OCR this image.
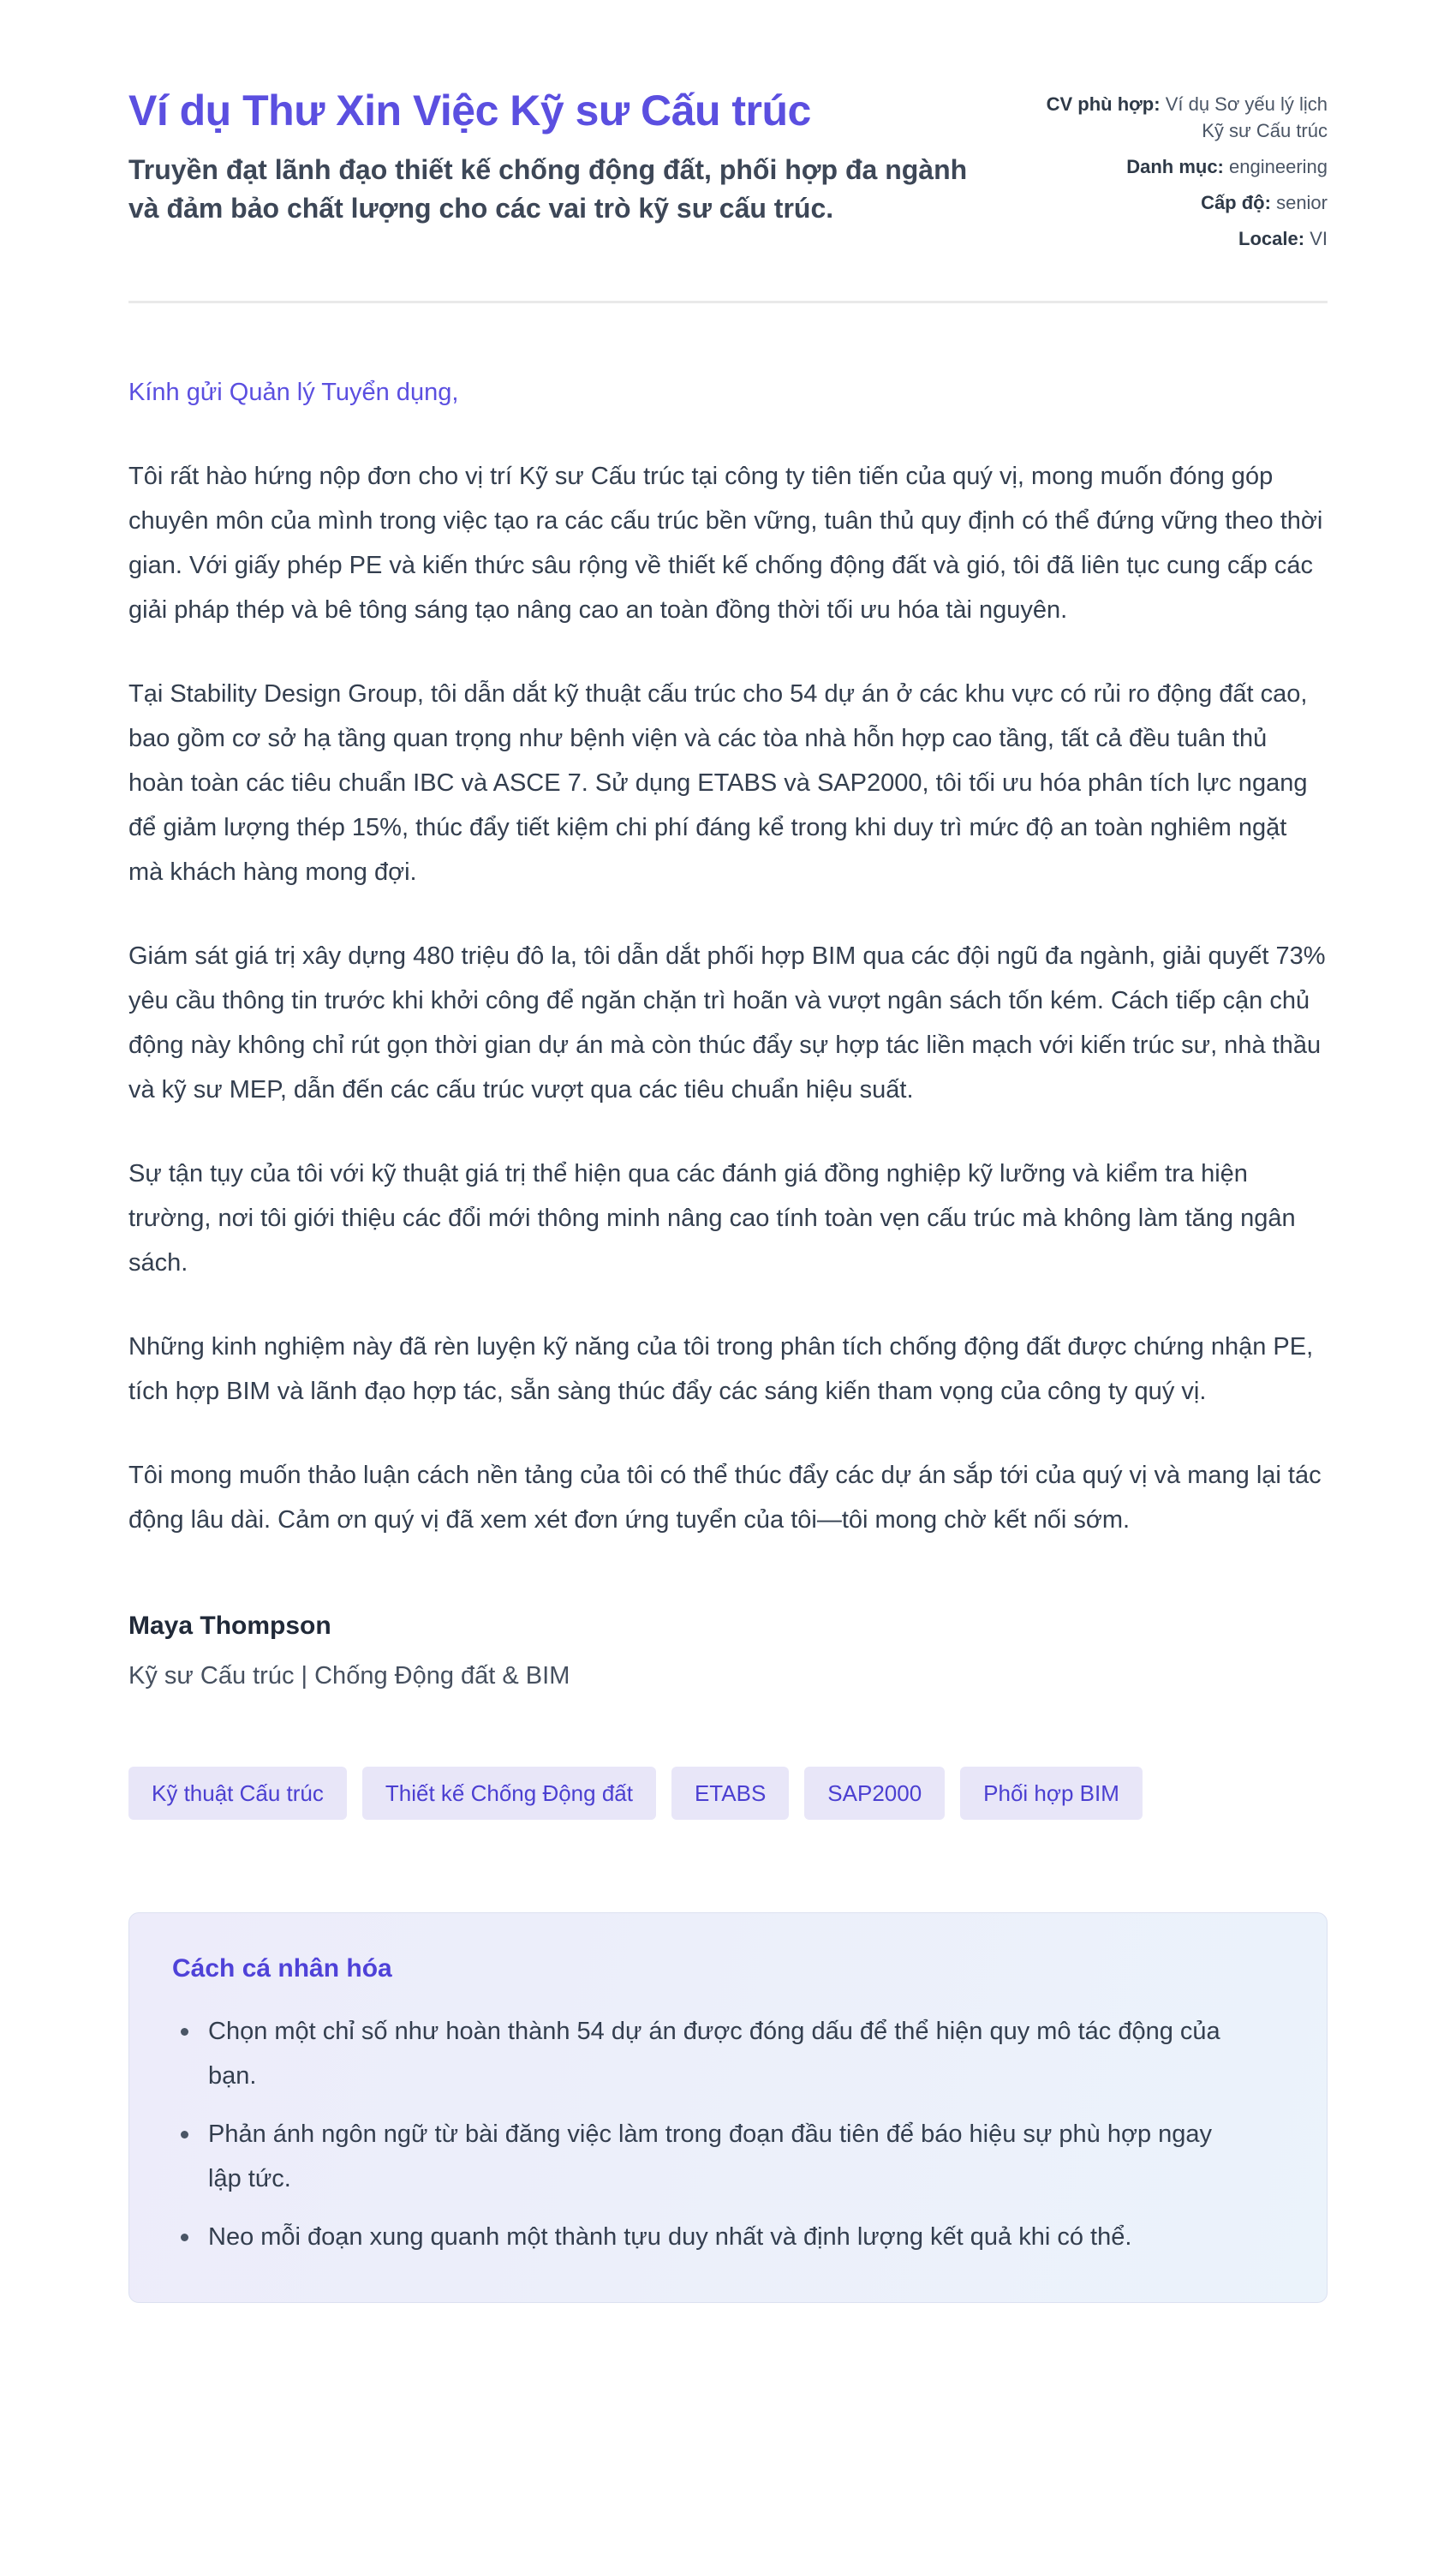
Ví dụ Thư Xin Việc Kỹ sư Cấu trúc
Truyền đạt lãnh đạo thiết kế chống động đất, phối hợp đa ngành và đảm bảo chất lượng cho các vai trò kỹ sư cấu trúc.
CV phù hợp: Ví dụ Sơ yếu lý lịch Kỹ sư Cấu trúc
Danh mục: engineering
Cấp độ: senior
Locale: VI
Kính gửi Quản lý Tuyển dụng,

Tôi rất hào hứng nộp đơn cho vị trí Kỹ sư Cấu trúc tại công ty tiên tiến của quý vị, mong muốn đóng góp chuyên môn của mình trong việc tạo ra các cấu trúc bền vững, tuân thủ quy định có thể đứng vững theo thời gian. Với giấy phép PE và kiến thức sâu rộng về thiết kế chống động đất và gió, tôi đã liên tục cung cấp các giải pháp thép và bê tông sáng tạo nâng cao an toàn đồng thời tối ưu hóa tài nguyên.

Tại Stability Design Group, tôi dẫn dắt kỹ thuật cấu trúc cho 54 dự án ở các khu vực có rủi ro động đất cao, bao gồm cơ sở hạ tầng quan trọng như bệnh viện và các tòa nhà hỗn hợp cao tầng, tất cả đều tuân thủ hoàn toàn các tiêu chuẩn IBC và ASCE 7. Sử dụng ETABS và SAP2000, tôi tối ưu hóa phân tích lực ngang để giảm lượng thép 15%, thúc đẩy tiết kiệm chi phí đáng kể trong khi duy trì mức độ an toàn nghiêm ngặt mà khách hàng mong đợi.

Giám sát giá trị xây dựng 480 triệu đô la, tôi dẫn dắt phối hợp BIM qua các đội ngũ đa ngành, giải quyết 73% yêu cầu thông tin trước khi khởi công để ngăn chặn trì hoãn và vượt ngân sách tốn kém. Cách tiếp cận chủ động này không chỉ rút gọn thời gian dự án mà còn thúc đẩy sự hợp tác liền mạch với kiến trúc sư, nhà thầu và kỹ sư MEP, dẫn đến các cấu trúc vượt qua các tiêu chuẩn hiệu suất.

Sự tận tụy của tôi với kỹ thuật giá trị thể hiện qua các đánh giá đồng nghiệp kỹ lưỡng và kiểm tra hiện trường, nơi tôi giới thiệu các đổi mới thông minh nâng cao tính toàn vẹn cấu trúc mà không làm tăng ngân sách.

Những kinh nghiệm này đã rèn luyện kỹ năng của tôi trong phân tích chống động đất được chứng nhận PE, tích hợp BIM và lãnh đạo hợp tác, sẵn sàng thúc đẩy các sáng kiến tham vọng của công ty quý vị.

Tôi mong muốn thảo luận cách nền tảng của tôi có thể thúc đẩy các dự án sắp tới của quý vị và mang lại tác động lâu dài. Cảm ơn quý vị đã xem xét đơn ứng tuyển của tôi—tôi mong chờ kết nối sớm.

Maya Thompson
Kỹ sư Cấu trúc | Chống Động đất & BIM
Kỹ thuật Cấu trúc	Thiết kế Chống Động đất	ETABS	SAP2000	Phối hợp BIM
Cách cá nhân hóa
Chọn một chỉ số như hoàn thành 54 dự án được đóng dấu để thể hiện quy mô tác động của bạn.
Phản ánh ngôn ngữ từ bài đăng việc làm trong đoạn đầu tiên để báo hiệu sự phù hợp ngay lập tức.
Neo mỗi đoạn xung quanh một thành tựu duy nhất và định lượng kết quả khi có thể.
